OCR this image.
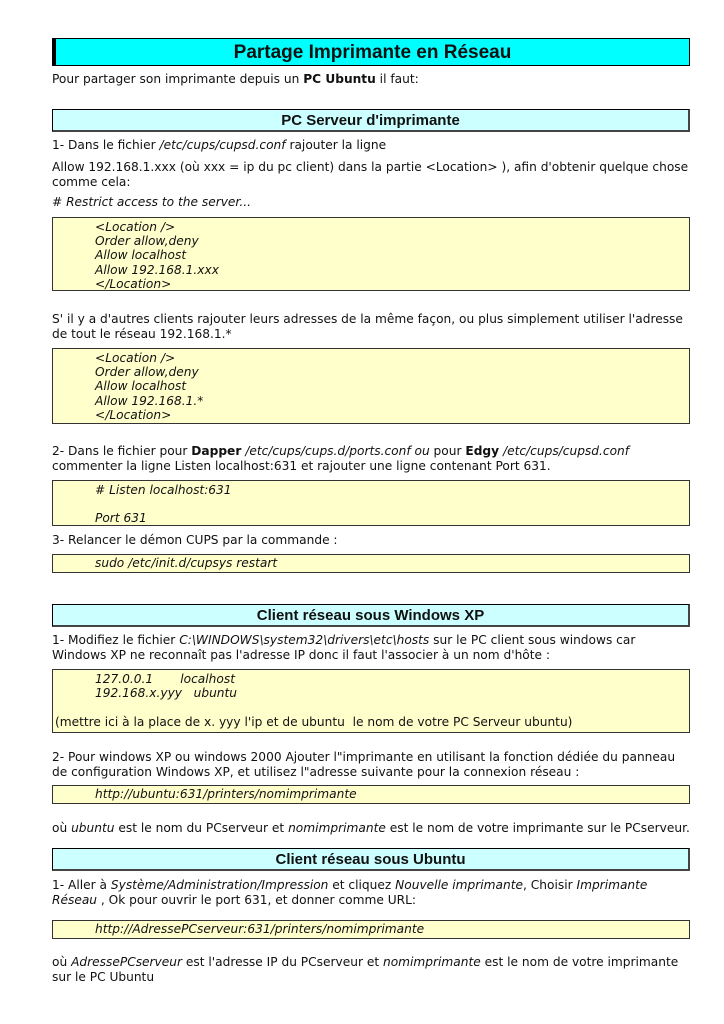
Partage Imprimante en Réseau
Pour partager son imprimante depuis un PC Ubuntu il faut:
PC Serveur d'imprimante
1- Dans le fichier /etc/cups/cupsd.conf rajouter la ligne
Allow 192.168.1.xxx (où xxx = ip du pc client) dans la partie <Location> ), afin d'obtenir quelque chose comme cela:
# Restrict access to the server...
<Location />
Order allow,deny
Allow localhost
Allow 192.168.1.xxx
</Location>
S' il y a d'autres clients rajouter leurs adresses de la même façon, ou plus simplement utiliser l'adresse de tout le réseau 192.168.1.*
<Location />
Order allow,deny
Allow localhost
Allow 192.168.1.*
</Location>
2- Dans le fichier pour Dapper /etc/cups/cups.d/ports.conf ou pour Edgy /etc/cups/cupsd.conf
commenter la ligne Listen localhost:631 et rajouter une ligne contenant Port 631.
# Listen localhost:631
Port 631
3- Relancer le démon CUPS par la commande :
sudo /etc/init.d/cupsys restart
Client réseau sous Windows XP
1- Modifiez le fichier C:\WINDOWS\system32\drivers\etc\hosts sur le PC client sous windows car Windows XP ne reconnaît pas l'adresse IP donc il faut l'associer à un nom d'hôte :
127.0.0.1       localhost
192.168.x.yyy   ubuntu
(mettre ici à la place de x. yyy l'ip et de ubuntu  le nom de votre PC Serveur ubuntu)
2- Pour windows XP ou windows 2000 Ajouter l"imprimante en utilisant la fonction dédiée du panneau de configuration Windows XP, et utilisez l"adresse suivante pour la connexion réseau :
http://ubuntu:631/printers/nomimprimante
où ubuntu est le nom du PCserveur et nomimprimante est le nom de votre imprimante sur le PCserveur.
Client réseau sous Ubuntu
1- Aller à Système/Administration/Impression et cliquez Nouvelle imprimante, Choisir Imprimante Réseau , Ok pour ouvrir le port 631, et donner comme URL:
http://AdressePCserveur:631/printers/nomimprimante
où AdressePCserveur est l'adresse IP du PCserveur et nomimprimante est le nom de votre imprimante sur le PC Ubuntu
